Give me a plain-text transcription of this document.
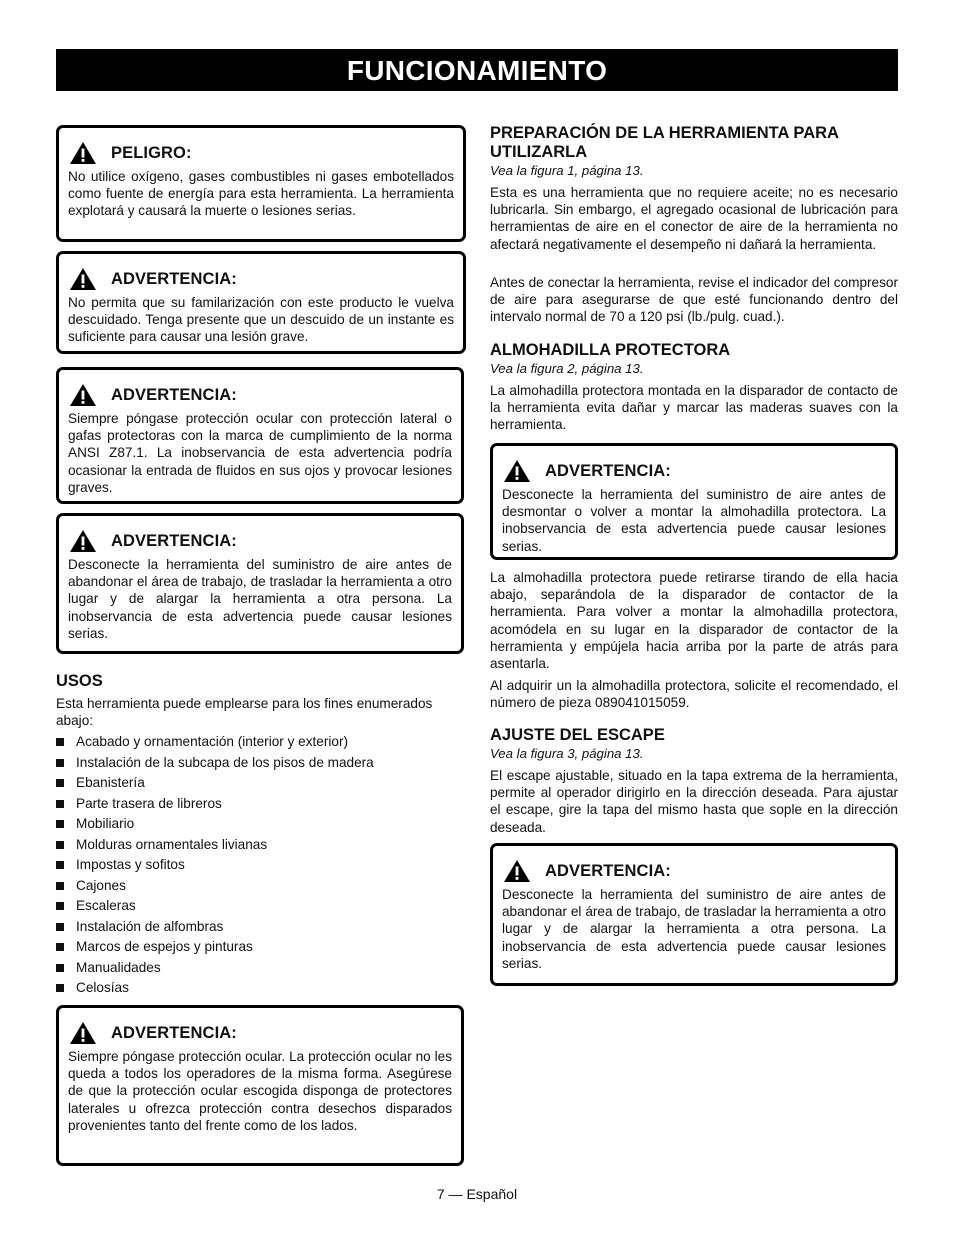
FUNCIONAMIENTO
PELIGRO:

No utilice oxígeno, gases combustibles ni gases embotellados como fuente de energía para esta herramienta. La herramienta explotará y causará la muerte o lesiones serias.

ADVERTENCIA:

No permita que su familarización con este producto le vuelva descuidado. Tenga presente que un descuido de un instante es suficiente para causar una lesión grave.

ADVERTENCIA:

Siempre póngase protección ocular con protección lateral o gafas protectoras con la marca de cumplimiento de la norma ANSI Z87.1. La inobservancia de esta advertencia podría ocasionar la entrada de fluidos en sus ojos y provocar lesiones graves.

ADVERTENCIA:

Desconecte la herramienta del suministro de aire antes de abandonar el área de trabajo, de trasladar la herramienta a otro lugar y de alargar la herramienta a otra persona. La inobservancia de esta advertencia puede causar lesiones serias.

USOS

Esta herramienta puede emplearse para los fines enumerados abajo:

Acabado y ornamentación (interior y exterior)
Instalación de la subcapa de los pisos de madera
Ebanistería
Parte trasera de libreros
Mobiliario
Molduras ornamentales livianas
Impostas y sofitos
Cajones
Escaleras
Instalación de alfombras
Marcos de espejos y pinturas
Manualidades
Celosías
ADVERTENCIA:

Siempre póngase protección ocular. La protección ocular no les queda a todos los operadores de la misma forma. Asegúrese de que la protección ocular escogida disponga de protectores laterales u ofrezca protección contra desechos disparados provenientes tanto del frente como de los lados.

PREPARACIÓN DE LA HERRAMIENTA PARA UTILIZARLA
Vea la figura 1, página 13.

Esta es una herramienta que no requiere aceite; no es necesario lubricarla. Sin embargo, el agregado ocasional de lubricación para herramientas de aire en el conector de aire de la herramienta no afectará negativamente el desempeño ni dañará la herramienta.

Antes de conectar la herramienta, revise el indicador del compresor de aire para asegurarse de que esté funcionando dentro del intervalo normal de 70 a 120 psi (lb./pulg. cuad.).

ALMOHADILLA PROTECTORA
Vea la figura 2, página 13.

La almohadilla protectora montada en la disparador de contacto de la herramienta evita dañar y marcar las maderas suaves con la herramienta.

ADVERTENCIA:

Desconecte la herramienta del suministro de aire antes de desmontar o volver a montar la almohadilla protectora. La inobservancia de esta advertencia puede causar lesiones serias.

La almohadilla protectora puede retirarse tirando de ella hacia abajo, separándola de la disparador de contactor de la herramienta. Para volver a montar la almohadilla protectora, acomódela en su lugar en la disparador de contactor de la herramienta y empújela hacia arriba por la parte de atrás para asentarla.

Al adquirir un la almohadilla protectora, solicite el recomendado, el número de pieza 089041015059.

AJUSTE DEL ESCAPE
Vea la figura 3, página 13.

El escape ajustable, situado en la tapa extrema de la herramienta, permite al operador dirigirlo en la dirección deseada. Para ajustar el escape, gire la tapa del mismo hasta que sople en la dirección deseada.

ADVERTENCIA:

Desconecte la herramienta del suministro de aire antes de abandonar el área de trabajo, de trasladar la herramienta a otro lugar y de alargar la herramienta a otra persona. La inobservancia de esta advertencia puede causar lesiones serias.

7 — Español
